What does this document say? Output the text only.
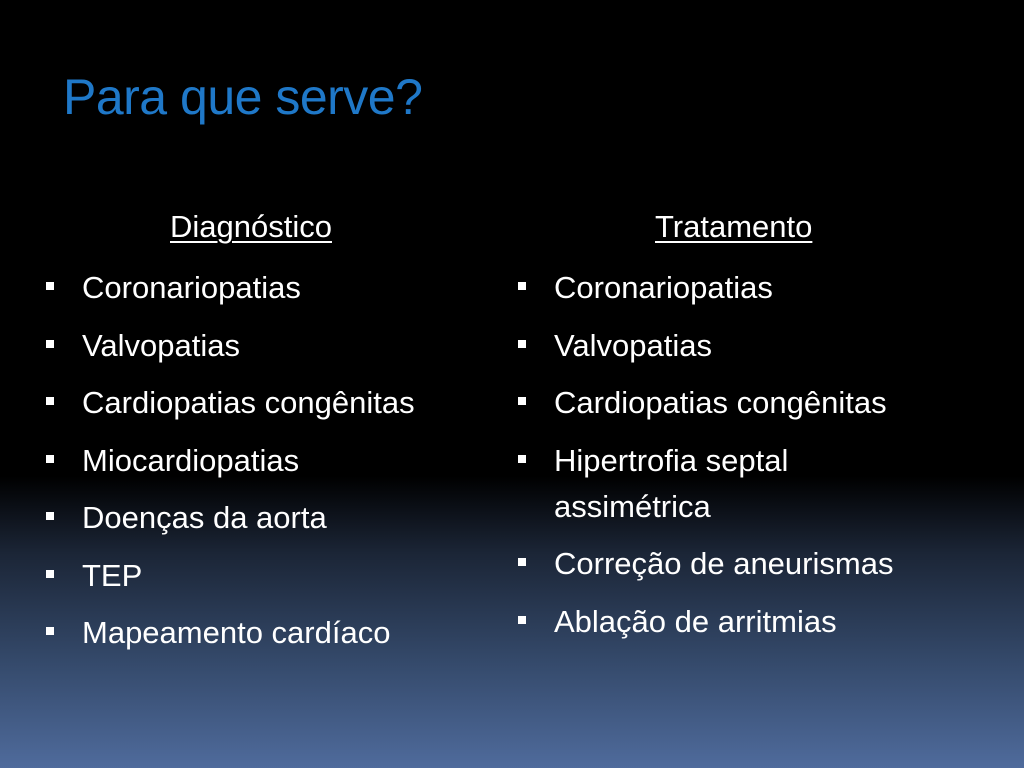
Para que serve?
Diagnóstico
Coronariopatias
Valvopatias
Cardiopatias congênitas
Miocardiopatias
Doenças da aorta
TEP
Mapeamento cardíaco
Tratamento
Coronariopatias
Valvopatias
Cardiopatias congênitas
Hipertrofia septal assimétrica
Correção de aneurismas
Ablação de arritmias
